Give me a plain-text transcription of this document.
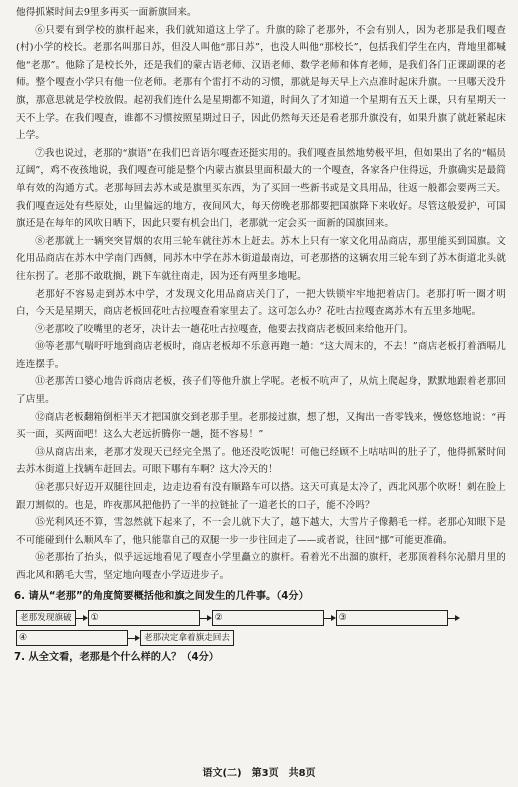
他得抓紧时间去9里多再买一面新旗回来。

⑥只要有到学校的旗杆起来，我们就知道这上学了。升旗的除了老那外，不会有别人，因为老那是我们嘎查(村)小学的校长。老那名叫那日苏，但没人叫他“那日苏”，也没人叫他“那校长”，包括我们学生在内，背地里都喊他“老那”。他除了是校长外，还是我们的蒙古语老师、汉语老师、数学老师和体育老师，是我们各门正课副课的老师。整个嘎查小学只有他一位老师。老那有个雷打不动的习惯，那就是每天早上六点准时起床升旗。一旦哪天没升旗，那意思就是学校放假。起初我们连什么是星期都不知道，时间久了才知道一个星期有五天上课，只有星期天一天不上学。在我们嘎查，谁都不习惯按照星期过日子，因此仍然每天还是看老那升旗没有，如果升旗了就赶紧起床上学。

⑦我也说过，老那的“旗语”在我们巴音语尔嘎查还挺实用的。我们嘎查虽然地势极平坦，但如果出了名的“幅员辽阔”，鸡不夜孩地说，我们嘎查可能是整个内蒙古旗县里面积最大的一个嘎查，各家各户住得远，升旗确实是最简单有效的沟通方式。老那每回去苏木或是旗里买东西，为了买回一些新书或是文具用品，往返一般都会要两三天。我们嘎查远处有些原处，山里偏远的地方，夜间风大，每天傍晚老那都要把国旗降下来收好。尽管这般爱护，可国旗还是在每年的风吹日晒下，因此只要有机会出门，老那就一定会买一面新的国旗回来。

⑧老那就上一辆突突冒烟的农用三轮车就往苏木上赶去。苏木上只有一家文化用品商店，那里能买到国旗。文化用品商店在苏木中学南门西侧，同苏木中学在苏木街道最南边，可老那搭的这辆农用三轮车到了苏木街道北头就往东拐了。老那不敢耽搁，跳下车就往南走，因为还有两里多地呢。

老那好不容易走到苏木中学，才发现文化用品商店关门了，一把大铁锁牢牢地把着店门。老那打听一圈才明白，今天是星期天，商店老板回花吐古拉嘎查看家里去了。这可怎么办？花吐古拉嘎查离苏木有五里多地呢。

⑨老那咬了咬嘴里的老牙，决计去一趟花吐古拉嘎查，他要去找商店老板回来给他开门。

⑩等老那气喘吁吁地到商店老板时，商店老板却不乐意再跑一趟：“这大周末的，不去！”商店老板打着酒嗝儿连连摆手。

⑪老那苦口婆心地告诉商店老板，孩子们等他升旗上学呢。老板不吭声了，从炕上爬起身，默默地跟着老那回了店里。

⑫商店老板翻箱倒柜半天才把国旗交到老那手里。老那接过旗，想了想，又掏出一沓零钱来，慢悠悠地说：“再买一面，买两面吧！这么大老远折腾你一趟，挺不容易！”

⑬从商店出来，老那才发现天已经完全黑了。他还没吃饭呢！可他已经顾不上咕咕叫的肚子了，他得抓紧时间去苏木街道上找辆车赶回去。可眼下哪有车啊？这大冷天的！

⑭老那只好迈开双腿往回走，边走边看有没有顺路车可以搭。这天可真是太冷了，西北风那个吹呀！刺在脸上跟刀割似的。也是，昨夜那风把他扔了一半的拉链扯了一道老长的口子，能不冷吗？

⑮光利风还不算，雪忽然就下起来了，不一会儿就下大了，越下越大，大雪片子像鹅毛一样。老那心知眼下是不可能碰到什么顺风车了，他只能靠自己的双腿一步一步往回走了——或者说，往回“挪”可能更准确。

⑯老那抬了抬头，似乎远远地看见了嘎查小学里矗立的旗杆。看着光不出溜的旗杆，老那顶着科尔沁腊月里的西北风和鹅毛大雪，坚定地向嘎查小学迈进步子。

6. 请从“老那”的角度简要概括他和旗之间发生的几件事。（4分）
老那发现旗破	①	②	③
④	老那决定拿着旗走回去
7. 从全文看，老那是个什么样的人？（4分）
语文(二)　第3页　共8页
